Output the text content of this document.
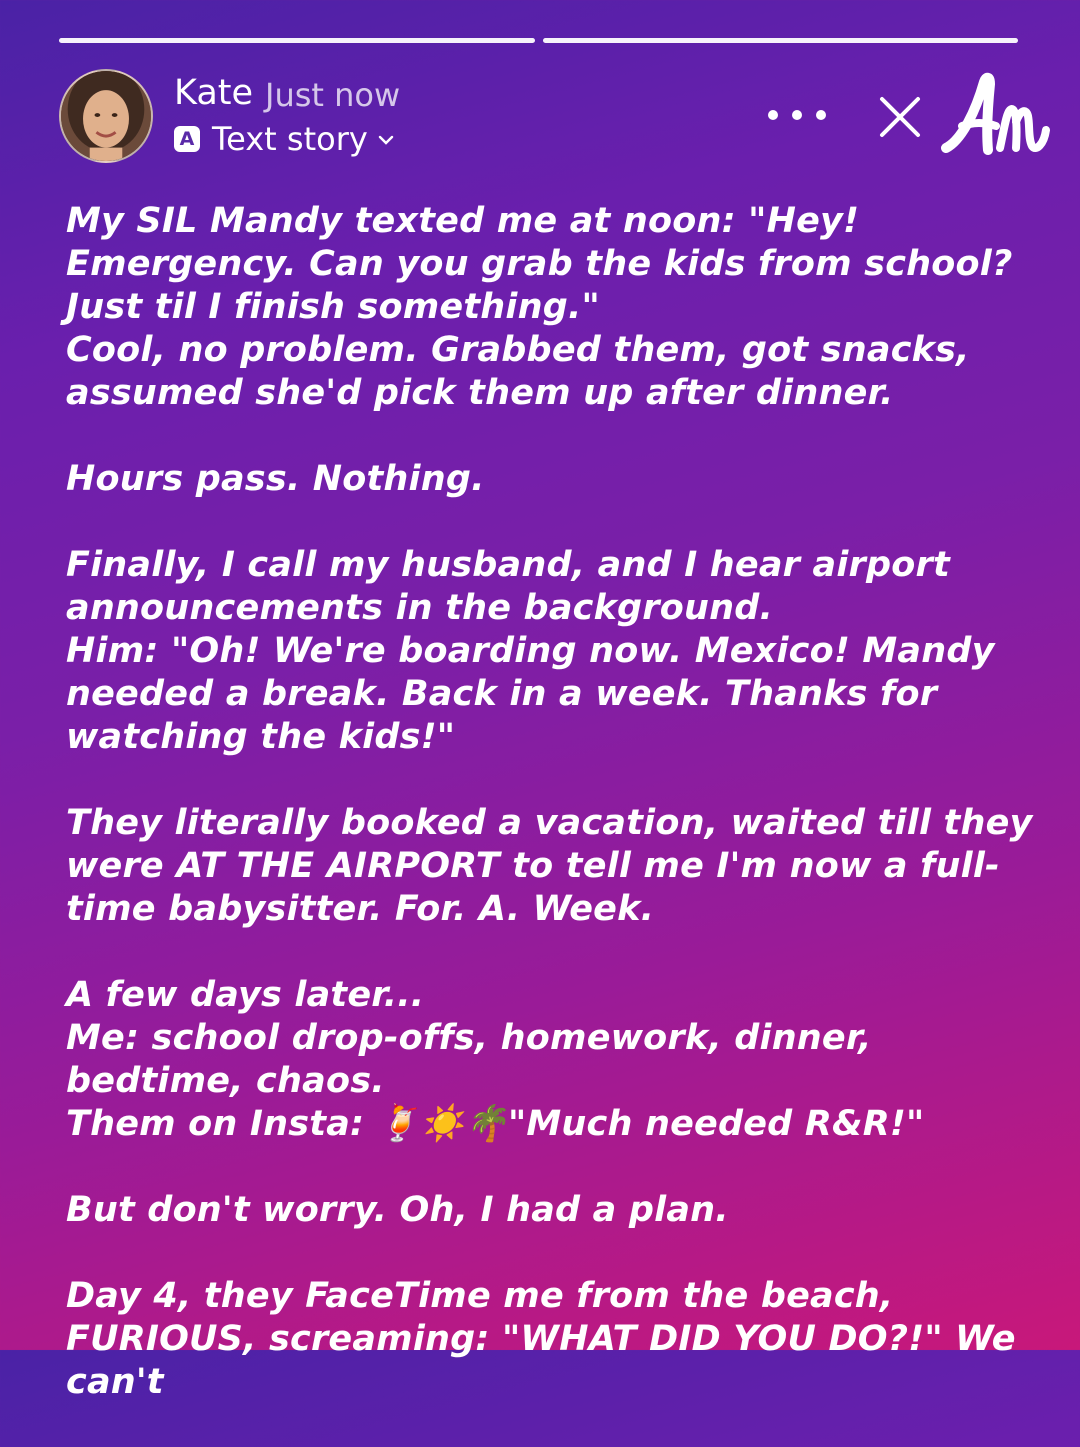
Kate Just now
A Text story

My SIL Mandy texted me at noon: "Hey! Emergency. Can you grab the kids from school? Just til I finish something."
Cool, no problem. Grabbed them, got snacks, assumed she'd pick them up after dinner.

Hours pass. Nothing.

Finally, I call my husband, and I hear airport announcements in the background.
Him: "Oh! We're boarding now. Mexico! Mandy needed a break. Back in a week. Thanks for watching the kids!"

They literally booked a vacation, waited till they were AT THE AIRPORT to tell me I'm now a full-time babysitter. For. A. Week.

A few days later...
Me: school drop-offs, homework, dinner, bedtime, chaos.
Them on Insta: 🍹☀️🌴"Much needed R&R!"

But don't worry. Oh, I had a plan.

Day 4, they FaceTime me from the beach, FURIOUS, screaming: "WHAT DID YOU DO?!" We can't
